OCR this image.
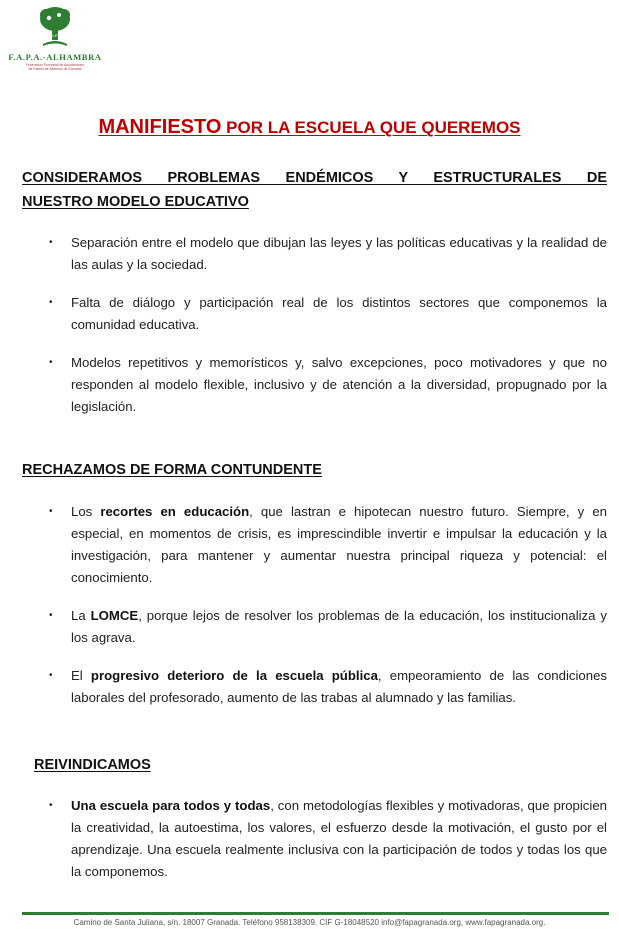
F.A.P.A.
F.A.P.A.-ALHAMBRA
Federación Provincial de Asociaciones
de Padres de Alumnos de Granada
MANIFIESTO POR LA ESCUELA QUE QUEREMOS
CONSIDERAMOS PROBLEMAS ENDÉMICOS Y ESTRUCTURALES DE
NUESTRO MODELO EDUCATIVO
• Separación entre el modelo que dibujan las leyes y las políticas educativas y la realidad de las aulas y la sociedad.
• Falta de diálogo y participación real de los distintos sectores que componemos la comunidad educativa.
• Modelos repetitivos y memorísticos y, salvo excepciones, poco motivadores y que no responden al modelo flexible, inclusivo y de atención a la diversidad, propugnado por la legislación.
RECHAZAMOS DE FORMA CONTUNDENTE
• Los recortes en educación, que lastran e hipotecan nuestro futuro. Siempre, y en especial, en momentos de crisis, es imprescindible invertir e impulsar la educación y la investigación, para mantener y aumentar nuestra principal riqueza y potencial: el conocimiento.
• La LOMCE, porque lejos de resolver los problemas de la educación, los institucionaliza y los agrava.
• El progresivo deterioro de la escuela pública, empeoramiento de las condiciones laborales del profesorado, aumento de las trabas al alumnado y las familias.
REIVINDICAMOS
• Una escuela para todos y todas, con metodologías flexibles y motivadoras, que propicien la creatividad, la autoestima, los valores, el esfuerzo desde la motivación, el gusto por el aprendizaje. Una escuela realmente inclusiva con la participación de todos y todas los que la componemos.
Camino de Santa Juliana, s/n. 18007 Granada. Teléfono 958138309. CIF G-18048520 info@fapagranada.org, www.fapagranada.org.
